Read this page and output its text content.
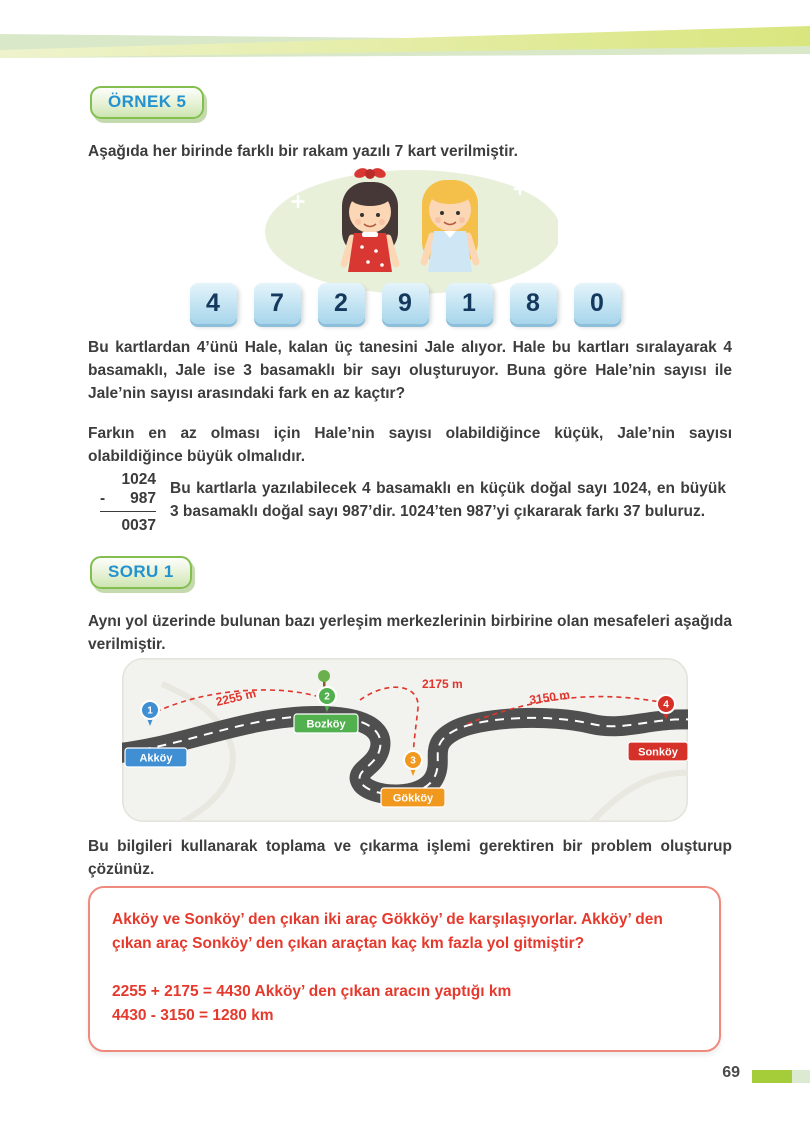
ÖRNEK 5

Aşağıda her birinde farklı bir rakam yazılı 7 kart verilmiştir.

4	7	2	9	1	8	0

Bu kartlardan 4’ünü Hale, kalan üç tanesini Jale alıyor. Hale bu kartları sıralayarak 4 basamaklı, Jale ise 3 basamaklı bir sayı oluşturuyor. Buna göre Hale’nin sayısı ile Jale’nin sayısı arasındaki fark en az kaçtır?

Farkın en az olması için Hale’nin sayısı olabildiğince küçük, Jale’nin sayısı olabildiğince büyük olmalıdır.

1024
- 987
0037

Bu kartlarla yazılabilecek 4 basamaklı en küçük doğal sayı 1024, en büyük 3 basamaklı doğal sayı 987’dir. 1024’ten 987’yi çıkararak farkı 37 buluruz.

SORU 1

Aynı yol üzerinde bulunan bazı yerleşim merkezlerinin birbirine olan mesafeleri aşağıda verilmiştir.

2255 m
2175 m
3150 m
1
2
3
4
Akköy
Bozköy
Gökköy
Sonköy

Bu bilgileri kullanarak toplama ve çıkarma işlemi gerektiren bir problem oluşturup çözünüz.

Akköy ve Sonköy’ den çıkan iki araç Gökköy’ de karşılaşıyorlar. Akköy’ den çıkan araç Sonköy’ den çıkan araçtan kaç km fazla yol gitmiştir?

2255 + 2175 = 4430 Akköy’ den çıkan aracın yaptığı km

4430 - 3150 = 1280 km

69
